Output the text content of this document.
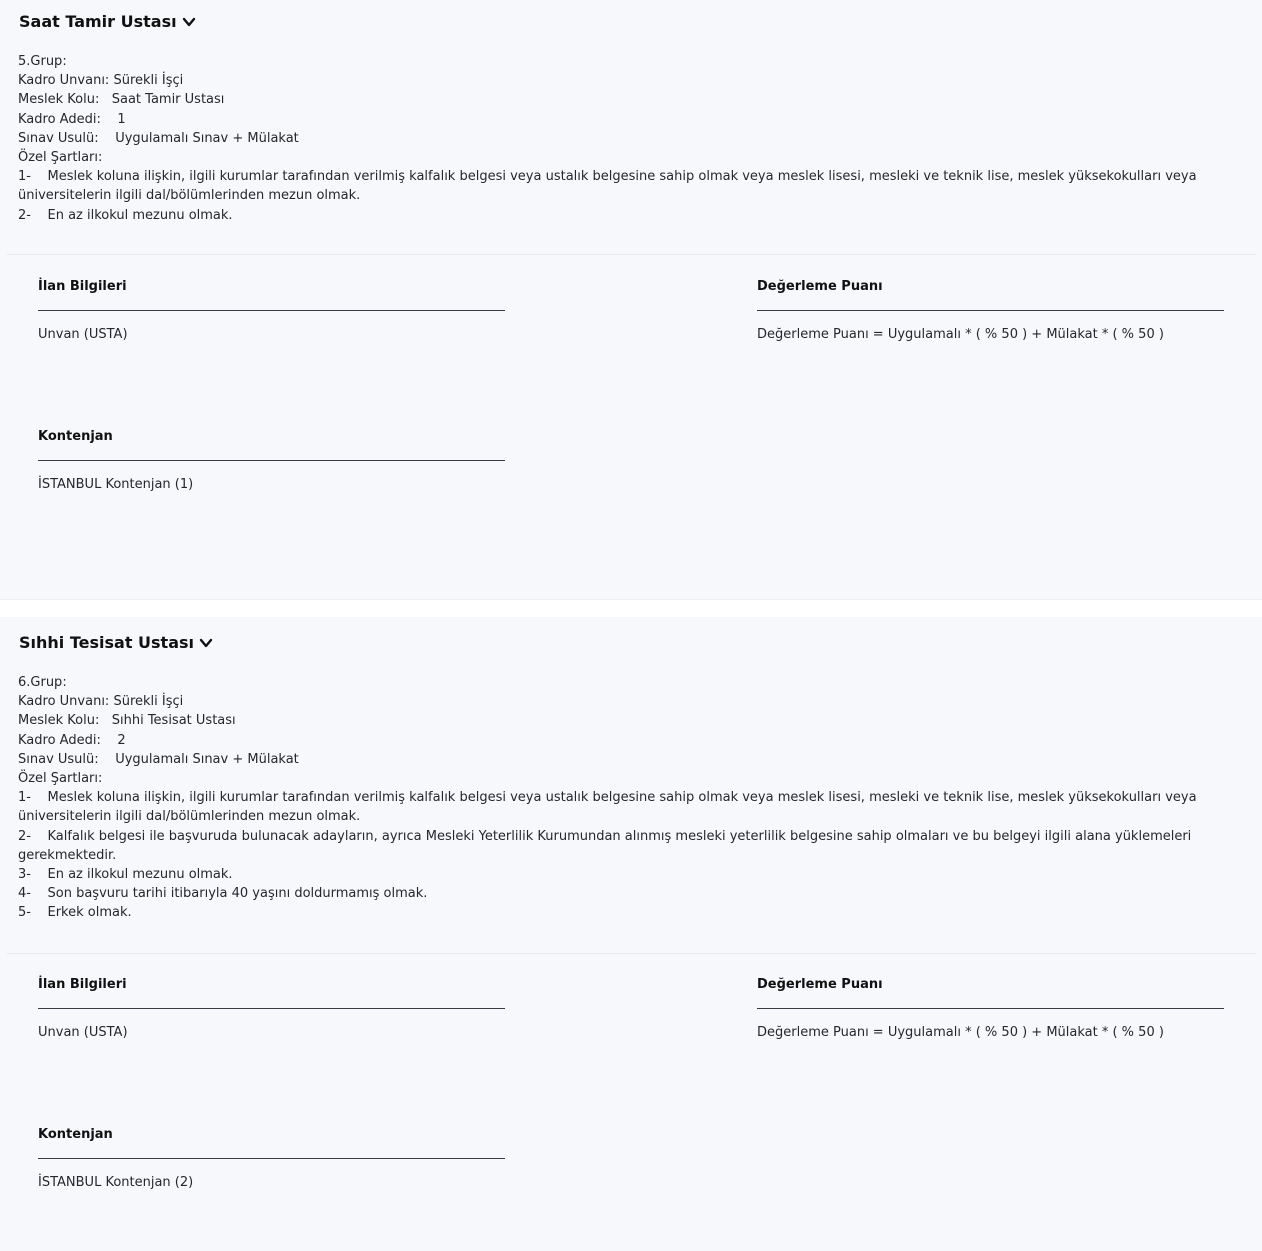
Saat Tamir Ustası
5.Grup:
Kadro Unvanı: Sürekli İşçi
Meslek Kolu: Saat Tamir Ustası
Kadro Adedi: 1
Sınav Usulü: Uygulamalı Sınav + Mülakat
Özel Şartları:
1- Meslek koluna ilişkin, ilgili kurumlar tarafından verilmiş kalfalık belgesi veya ustalık belgesine sahip olmak veya meslek lisesi, mesleki ve teknik lise, meslek yüksekokulları veya üniversitelerin ilgili dal/bölümlerinden mezun olmak.
2- En az ilkokul mezunu olmak.
İlan Bilgileri
Unvan (USTA)
Değerleme Puanı
Değerleme Puanı = Uygulamalı * ( % 50 ) + Mülakat * ( % 50 )
Kontenjan
İSTANBUL Kontenjan (1)
Sıhhi Tesisat Ustası
6.Grup:
Kadro Unvanı: Sürekli İşçi
Meslek Kolu: Sıhhi Tesisat Ustası
Kadro Adedi: 2
Sınav Usulü: Uygulamalı Sınav + Mülakat
Özel Şartları:
1- Meslek koluna ilişkin, ilgili kurumlar tarafından verilmiş kalfalık belgesi veya ustalık belgesine sahip olmak veya meslek lisesi, mesleki ve teknik lise, meslek yüksekokulları veya üniversitelerin ilgili dal/bölümlerinden mezun olmak.
2- Kalfalık belgesi ile başvuruda bulunacak adayların, ayrıca Mesleki Yeterlilik Kurumundan alınmış mesleki yeterlilik belgesine sahip olmaları ve bu belgeyi ilgili alana yüklemeleri gerekmektedir.
3- En az ilkokul mezunu olmak.
4- Son başvuru tarihi itibarıyla 40 yaşını doldurmamış olmak.
5- Erkek olmak.
İlan Bilgileri
Unvan (USTA)
Değerleme Puanı
Değerleme Puanı = Uygulamalı * ( % 50 ) + Mülakat * ( % 50 )
Kontenjan
İSTANBUL Kontenjan (2)
